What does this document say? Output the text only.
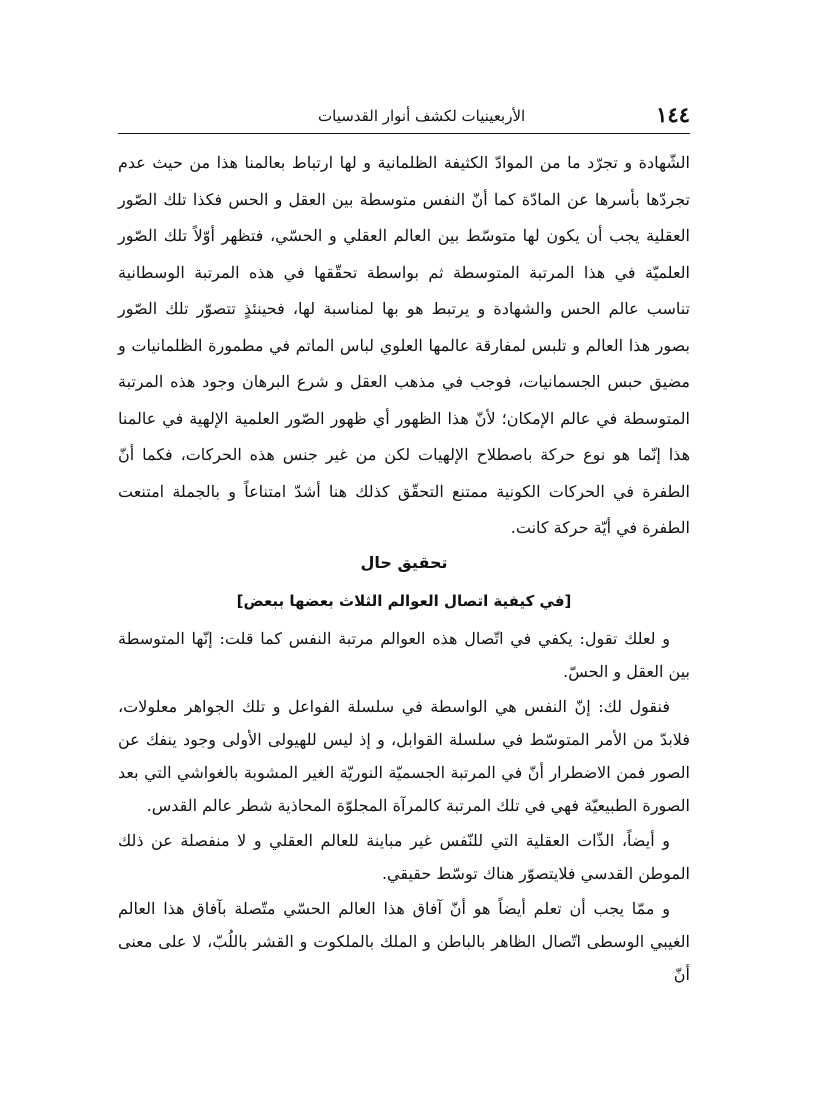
١٤٤
الأربعينيات لكشف أنوار القدسيات

الشّهادة و تجرّد ما من الموادّ الكثيفة الظلمانية و لها ارتباط بعالمنا هذا من حيث عدم تجردّها بأسرها عن المادّة كما أنّ النفس متوسطة بين العقل و الحس فكذا تلك الصّور العقلية يجب أن يكون لها متوسّط بين العالم العقلي و الحسّي، فتظهر أوّلاً تلك الصّور العلميّة في هذا المرتبة المتوسطة ثم بواسطة تحقّقها في هذه المرتبة الوسطانية تناسب عالم الحس والشهادة و يرتبط هو بها لمناسبة لها، فحينئذٍ تتصوّر تلك الصّور بصور هذا العالم و تلبس لمفارقة عالمها العلوي لباس الماتم في مطمورة الظلمانيات و مضيق حبس الجسمانيات، فوجب في مذهب العقل و شرع البرهان وجود هذه المرتبة المتوسطة في عالم الإمكان؛ لأنّ هذا الظهور أي ظهور الصّور العلمية الإلهية في عالمنا هذا إنّما هو نوع حركة باصطلاح الإلهيات لكن من غير جنس هذه الحركات، فكما أنّ الطفرة في الحركات الكونية ممتنع التحقّق كذلك هنا أشدّ امتناعاً و بالجملة امتنعت الطفرة في أيّة حركة كانت.

تحقيق حال
[في كيفية اتصال العوالم الثلاث بعضها ببعض]

و لعلك تقول: يكفي في اتّصال هذه العوالم مرتبة النفس كما قلت: إنّها المتوسطة بين العقل و الحسّ.

فنقول لك: إنّ النفس هي الواسطة في سلسلة الفواعل و تلك الجواهر معلولات، فلابدّ من الأمر المتوسّط في سلسلة القوابل، و إذ ليس للهيولى الأولى وجود ينفك عن الصور فمن الاضطرار أنّ في المرتبة الجسميّة النوريّة الغير المشوبة بالغواشي التي بعد الصورة الطبيعيّة فهي في تلك المرتبة كالمرآة المجلوّة المحاذية شطر عالم القدس.

و أيضاً، الذّات العقلية التي للنّفس غير مباينة للعالم العقلي و لا منفصلة عن ذلك الموطن القدسي فلايتصوّر هناك توسّط حقيقي.

و ممّا يجب أن تعلم أيضاً هو أنّ آفاق هذا العالم الحسّي متّصلة بآفاق هذا العالم الغيبي الوسطى اتّصال الظاهر بالباطن و الملك بالملكوت و القشر باللُبّ، لا على معنى أنّ
